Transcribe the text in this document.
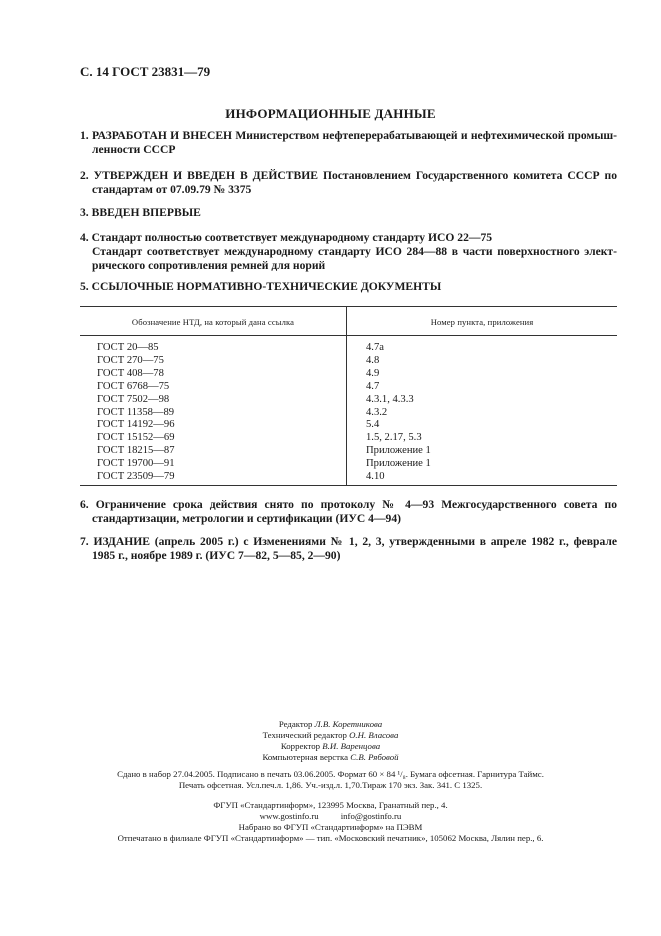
С. 14 ГОСТ 23831—79
ИНФОРМАЦИОННЫЕ ДАННЫЕ
1. РАЗРАБОТАН И ВНЕСЕН Министерством нефтеперерабатывающей и нефтехимической промыш-
ленности СССР
2. УТВЕРЖДЕН И ВВЕДЕН В ДЕЙСТВИЕ Постановлением Государственного комитета СССР по
стандартам от 07.09.79 № 3375
3. ВВЕДЕН ВПЕРВЫЕ
4. Стандарт полностью соответствует международному стандарту ИСО 22—75
Стандарт соответствует международному стандарту ИСО 284—88 в части поверхностного элект-
рического сопротивления ремней для норий
5. ССЫЛОЧНЫЕ НОРМАТИВНО-ТЕХНИЧЕСКИЕ ДОКУМЕНТЫ
Обозначение НТД, на который дана ссылка	Номер пункта, приложения
ГОСТ 20—85	4.7а
ГОСТ 270—75	4.8
ГОСТ 408—78	4.9
ГОСТ 6768—75	4.7
ГОСТ 7502—98	4.3.1, 4.3.3
ГОСТ 11358—89	4.3.2
ГОСТ 14192—96	5.4
ГОСТ 15152—69	1.5, 2.17, 5.3
ГОСТ 18215—87	Приложение 1
ГОСТ 19700—91	Приложение 1
ГОСТ 23509—79	4.10
6. Ограничение срока действия снято по протоколу № 4—93 Межгосударственного совета по
стандартизации, метрологии и сертификации (ИУС 4—94)
7. ИЗДАНИЕ (апрель 2005 г.) с Изменениями № 1, 2, 3, утвержденными в апреле 1982 г., феврале
1985 г., ноябре 1989 г. (ИУС 7—82, 5—85, 2—90)
Редактор Л.В. Коретникова
Технический редактор О.Н. Власова
Корректор В.И. Варенцова
Компьютерная верстка С.В. Рябовой
Сдано в набор 27.04.2005. Подписано в печать 03.06.2005. Формат 60 × 84 ¹/₈. Бумага офсетная. Гарнитура Таймс.
Печать офсетная. Усл.печ.л. 1,86. Уч.-изд.л. 1,70.Тираж 170 экз. Зак. 341. С 1325.
ФГУП «Стандартинформ», 123995 Москва, Гранатный пер., 4.
www.gostinfo.ru          info@gostinfo.ru
Набрано во ФГУП «Стандартинформ» на ПЭВМ
Отпечатано в филиале ФГУП «Стандартинформ» — тип. «Московский печатник», 105062 Москва, Лялин пер., 6.
